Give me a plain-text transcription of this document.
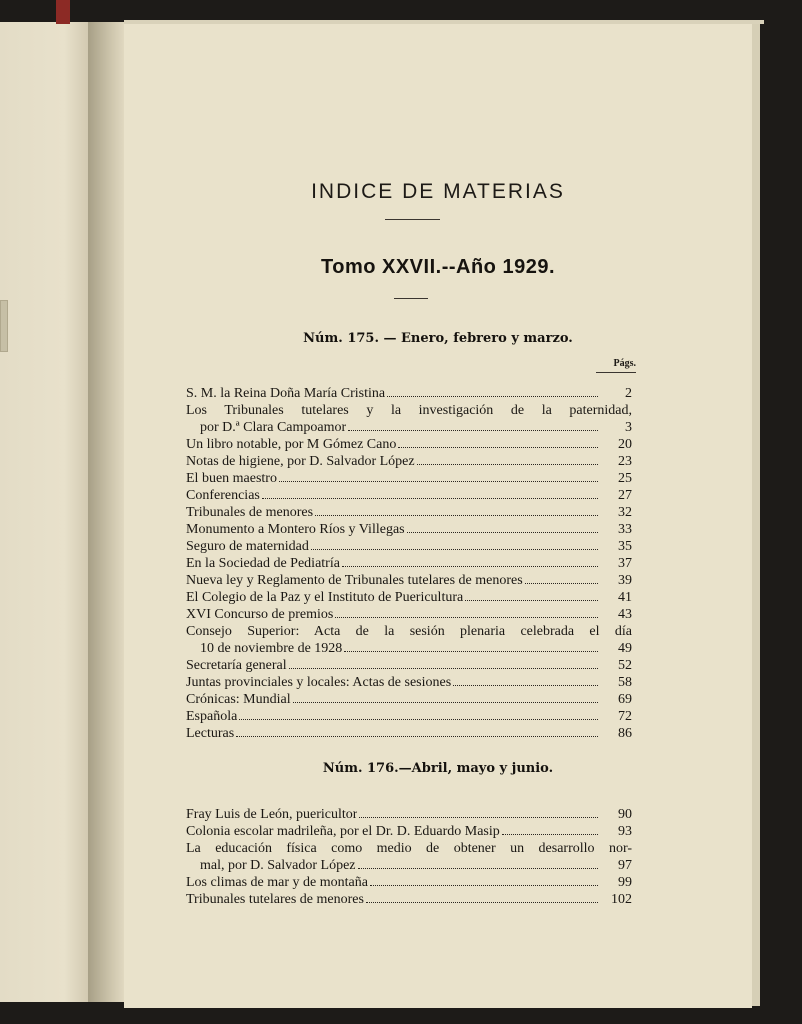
INDICE DE MATERIAS
Tomo XXVII.--Año 1929.
Núm. 175. — Enero, febrero y marzo.
Págs.
S. M. la Reina Doña María Cristina	2
Los Tribunales tutelares y la investigación de la paternidad,
por D.ª Clara Campoamor	3
Un libro notable, por M Gómez Cano	20
Notas de higiene, por D. Salvador López	23
El buen maestro	25
Conferencias	27
Tribunales de menores	32
Monumento a Montero Ríos y Villegas	33
Seguro de maternidad	35
En la Sociedad de Pediatría	37
Nueva ley y Reglamento de Tribunales tutelares de menores	39
El Colegio de la Paz y el Instituto de Puericultura	41
XVI Concurso de premios	43
Consejo Superior: Acta de la sesión plenaria celebrada el día
10 de noviembre de 1928	49
Secretaría general	52
Juntas provinciales y locales: Actas de sesiones	58
Crónicas: Mundial	69
Española	72
Lecturas	86
Núm. 176.—Abril, mayo y junio.
Fray Luis de León, puericultor	90
Colonia escolar madrileña, por el Dr. D. Eduardo Masip	93
La educación física como medio de obtener un desarrollo nor-
mal, por D. Salvador López	97
Los climas de mar y de montaña	99
Tribunales tutelares de menores	102
